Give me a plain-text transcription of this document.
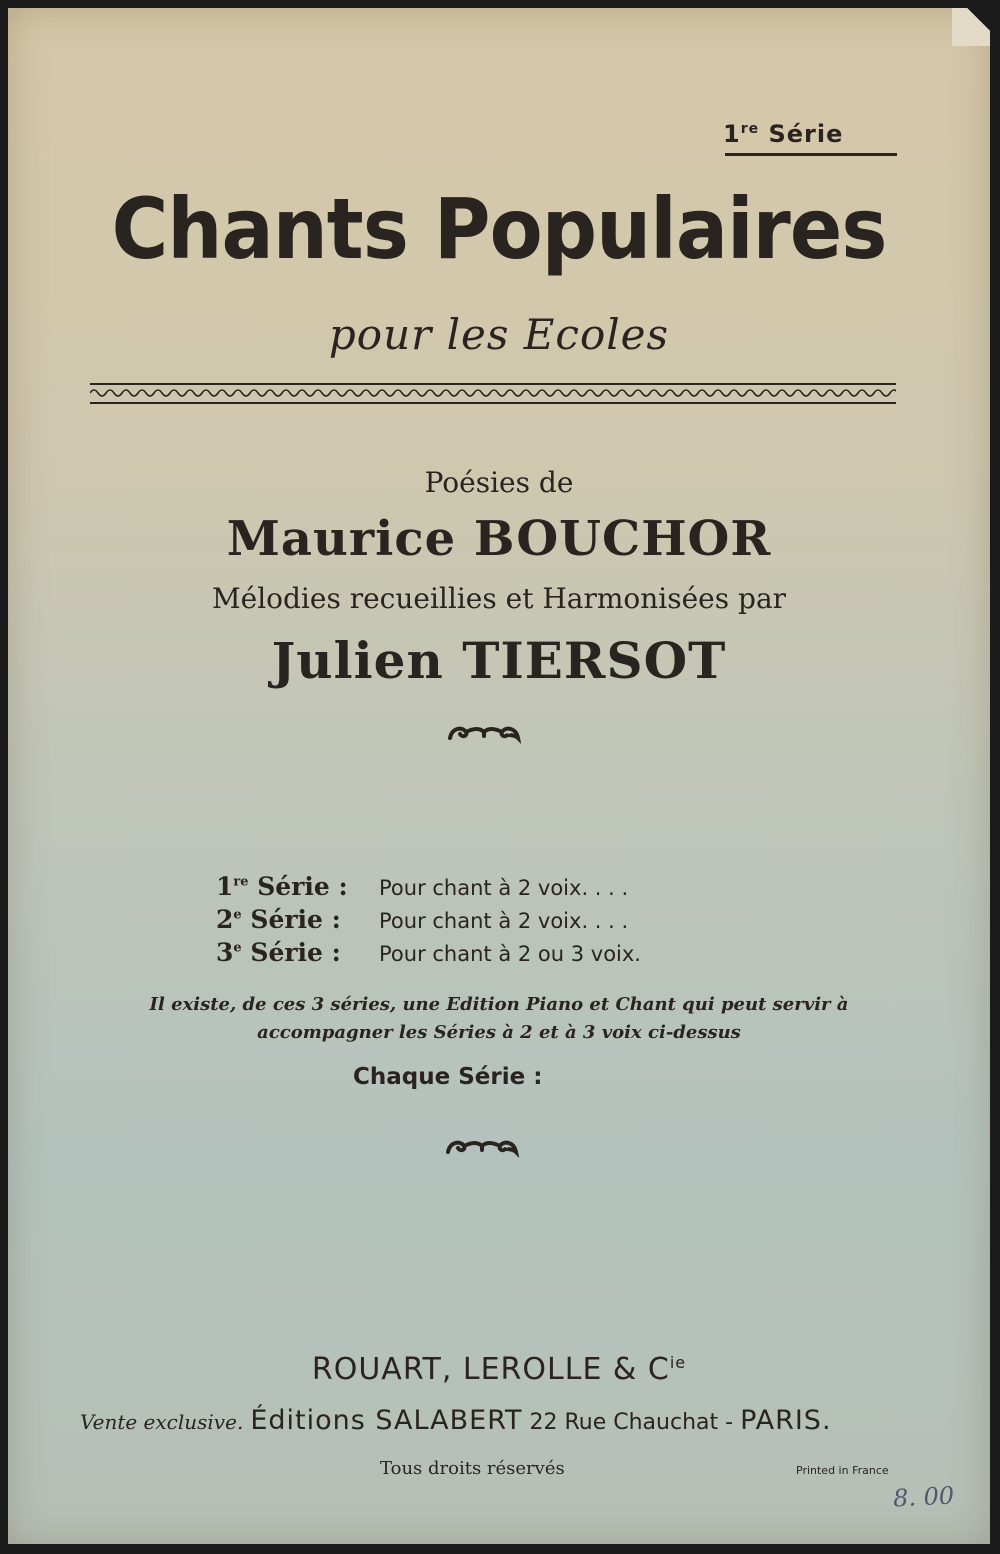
1re Série
Chants Populaires
pour les Ecoles
Poésies de
Maurice BOUCHOR
Mélodies recueillies et Harmonisées par
Julien TIERSOT
1re Série :	Pour chant à 2 voix. . . .
2e Série :	Pour chant à 2 voix. . . .
3e Série :	Pour chant à 2 ou 3 voix.
Il existe, de ces 3 séries, une Edition Piano et Chant qui peut servir à
accompagner les Séries à 2 et à 3 voix ci-dessus
Chaque Série :
ROUART, LEROLLE & $C^{ie}$
Vente exclusive. Éditions SALABERT 22 Rue Chauchat - PARIS.
Tous droits réservés	Printed in France
8. 00
